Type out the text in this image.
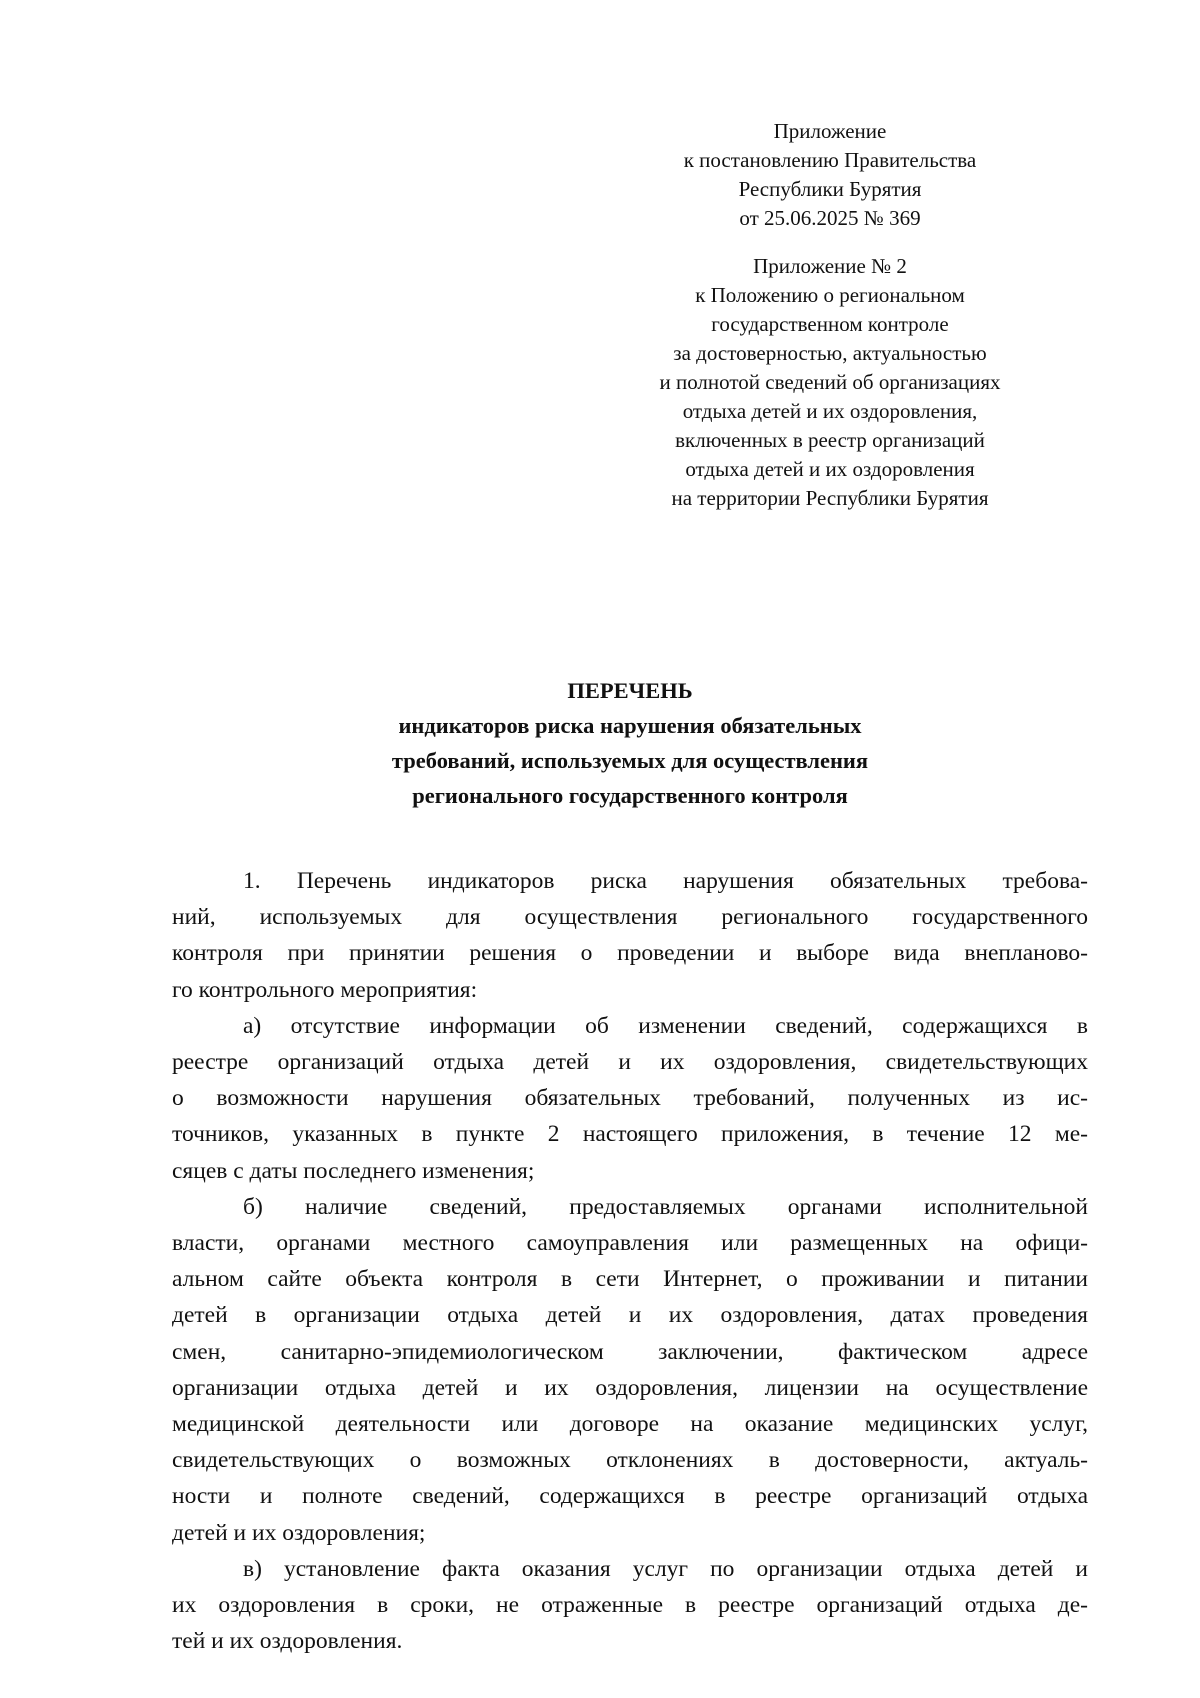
Приложение
к постановлению Правительства
Республики Бурятия
от 25.06.2025 № 369
Приложение № 2
к Положению о региональном
государственном контроле
за достоверностью, актуальностью
и полнотой сведений об организациях
отдыха детей и их оздоровления,
включенных в реестр организаций
отдыха детей и их оздоровления
на территории Республики Бурятия
ПЕРЕЧЕНЬ
индикаторов риска нарушения обязательных
требований, используемых для осуществления
регионального государственного контроля
1. Перечень индикаторов риска нарушения обязательных требова-
ний, используемых для осуществления регионального государственного
контроля при принятии решения о проведении и выборе вида внепланово-
го контрольного мероприятия:
а) отсутствие информации об изменении сведений, содержащихся в
реестре организаций отдыха детей и их оздоровления, свидетельствующих
о возможности нарушения обязательных требований, полученных из ис-
точников, указанных в пункте 2 настоящего приложения, в течение 12 ме-
сяцев с даты последнего изменения;
б) наличие сведений, предоставляемых органами исполнительной
власти, органами местного самоуправления или размещенных на офици-
альном сайте объекта контроля в сети Интернет, о проживании и питании
детей в организации отдыха детей и их оздоровления, датах проведения
смен, санитарно-эпидемиологическом заключении, фактическом адресе
организации отдыха детей и их оздоровления, лицензии на осуществление
медицинской деятельности или договоре на оказание медицинских услуг,
свидетельствующих о возможных отклонениях в достоверности, актуаль-
ности и полноте сведений, содержащихся в реестре организаций отдыха
детей и их оздоровления;
в) установление факта оказания услуг по организации отдыха детей и
их оздоровления в сроки, не отраженные в реестре организаций отдыха де-
тей и их оздоровления.
